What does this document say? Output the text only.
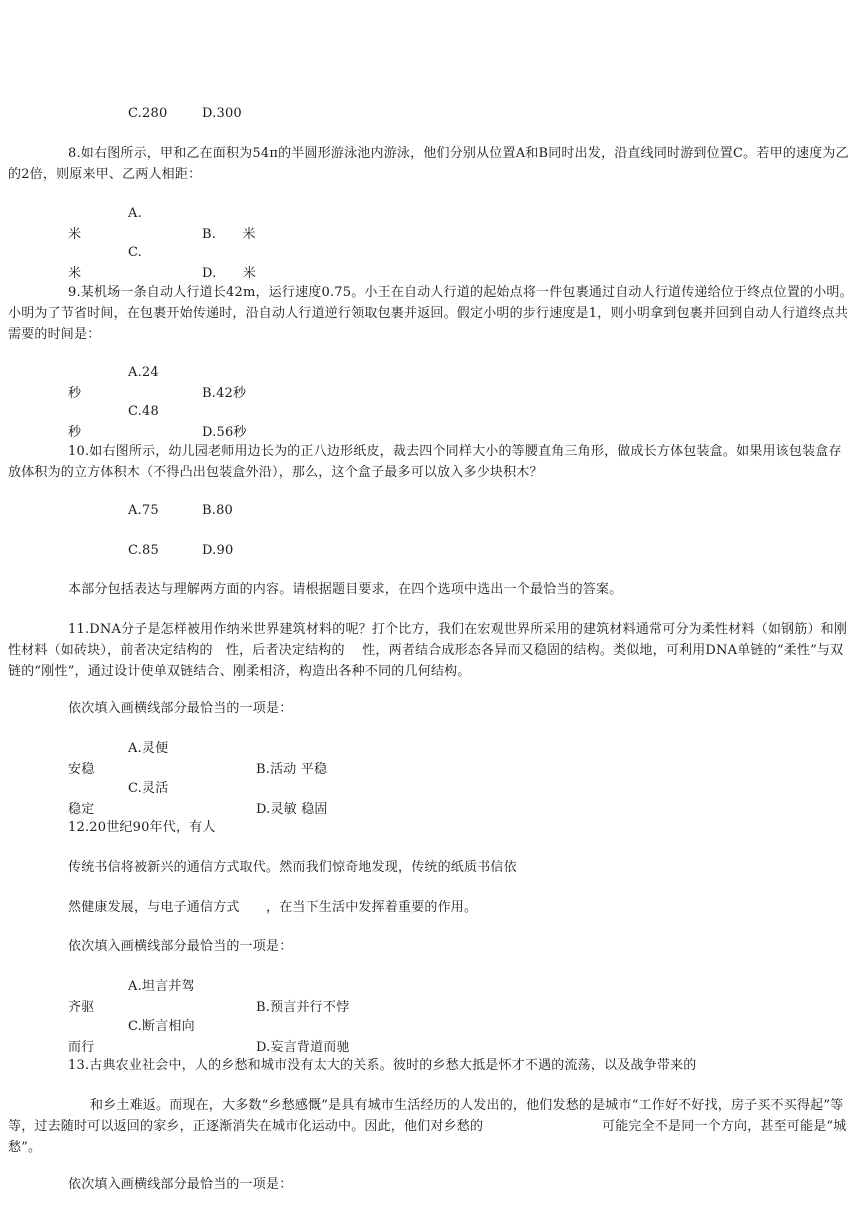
C.280	D.300

8.如右图所示，甲和乙在面积为54π的半圆形游泳池内游泳，他们分别从位置A和B同时出发，沿直线同时游到位置C。若甲的速度为乙的2倍，则原来甲、乙两人相距：

A.米	B.　　米

C.米	D.　　米

9.某机场一条自动人行道长42m，运行速度0.75。小王在自动人行道的起始点将一件包裹通过自动人行道传递给位于终点位置的小明。小明为了节省时间，在包裹开始传递时，沿自动人行道逆行领取包裹并返回。假定小明的步行速度是1，则小明拿到包裹并回到自动人行道终点共需要的时间是：

A.24秒	B.42秒

C.48秒	D.56秒

10.如右图所示，幼儿园老师用边长为的正八边形纸皮，裁去四个同样大小的等腰直角三角形，做成长方体包装盒。如果用该包装盒存放体积为的立方体积木（不得凸出包装盒外沿），那么，这个盒子最多可以放入多少块积木？

A.75	B.80

C.85	D.90

本部分包括表达与理解两方面的内容。请根据题目要求，在四个选项中选出一个最恰当的答案。

11.DNA分子是怎样被用作纳米世界建筑材料的呢？打个比方，我们在宏观世界所采用的建筑材料通常可分为柔性材料（如钢筋）和刚性材料（如砖块），前者决定结构的　性，后者决定结构的　 性，两者结合成形态各异而又稳固的结构。类似地，可利用DNA单链的“柔性”与双链的“刚性”，通过设计使单双链结合、刚柔相济，构造出各种不同的几何结构。

依次填入画横线部分最恰当的一项是：

A.灵便　　安稳	B.活动 平稳

C.灵活　　稳定	D.灵敏 稳固

12.20世纪90年代，有人

传统书信将被新兴的通信方式取代。然而我们惊奇地发现，传统的纸质书信依

然健康发展，与电子通信方式　　，在当下生活中发挥着重要的作用。

依次填入画横线部分最恰当的一项是：

A.坦言并驾齐驱	B.预言并行不悖

C.断言相向而行	D.妄言背道而驰

13.古典农业社会中，人的乡愁和城市没有太大的关系。彼时的乡愁大抵是怀才不遇的流荡，以及战争带来的

和乡土难返。而现在，大多数“乡愁感慨”是具有城市生活经历的人发出的，他们发愁的是城市“工作好不好找，房子买不买得起”等等，过去随时可以返回的家乡，正逐渐消失在城市化运动中。因此，他们对乡愁的　　　　　　　　　可能完全不是同一个方向，甚至可能是“城愁”。

依次填入画横线部分最恰当的一项是：
